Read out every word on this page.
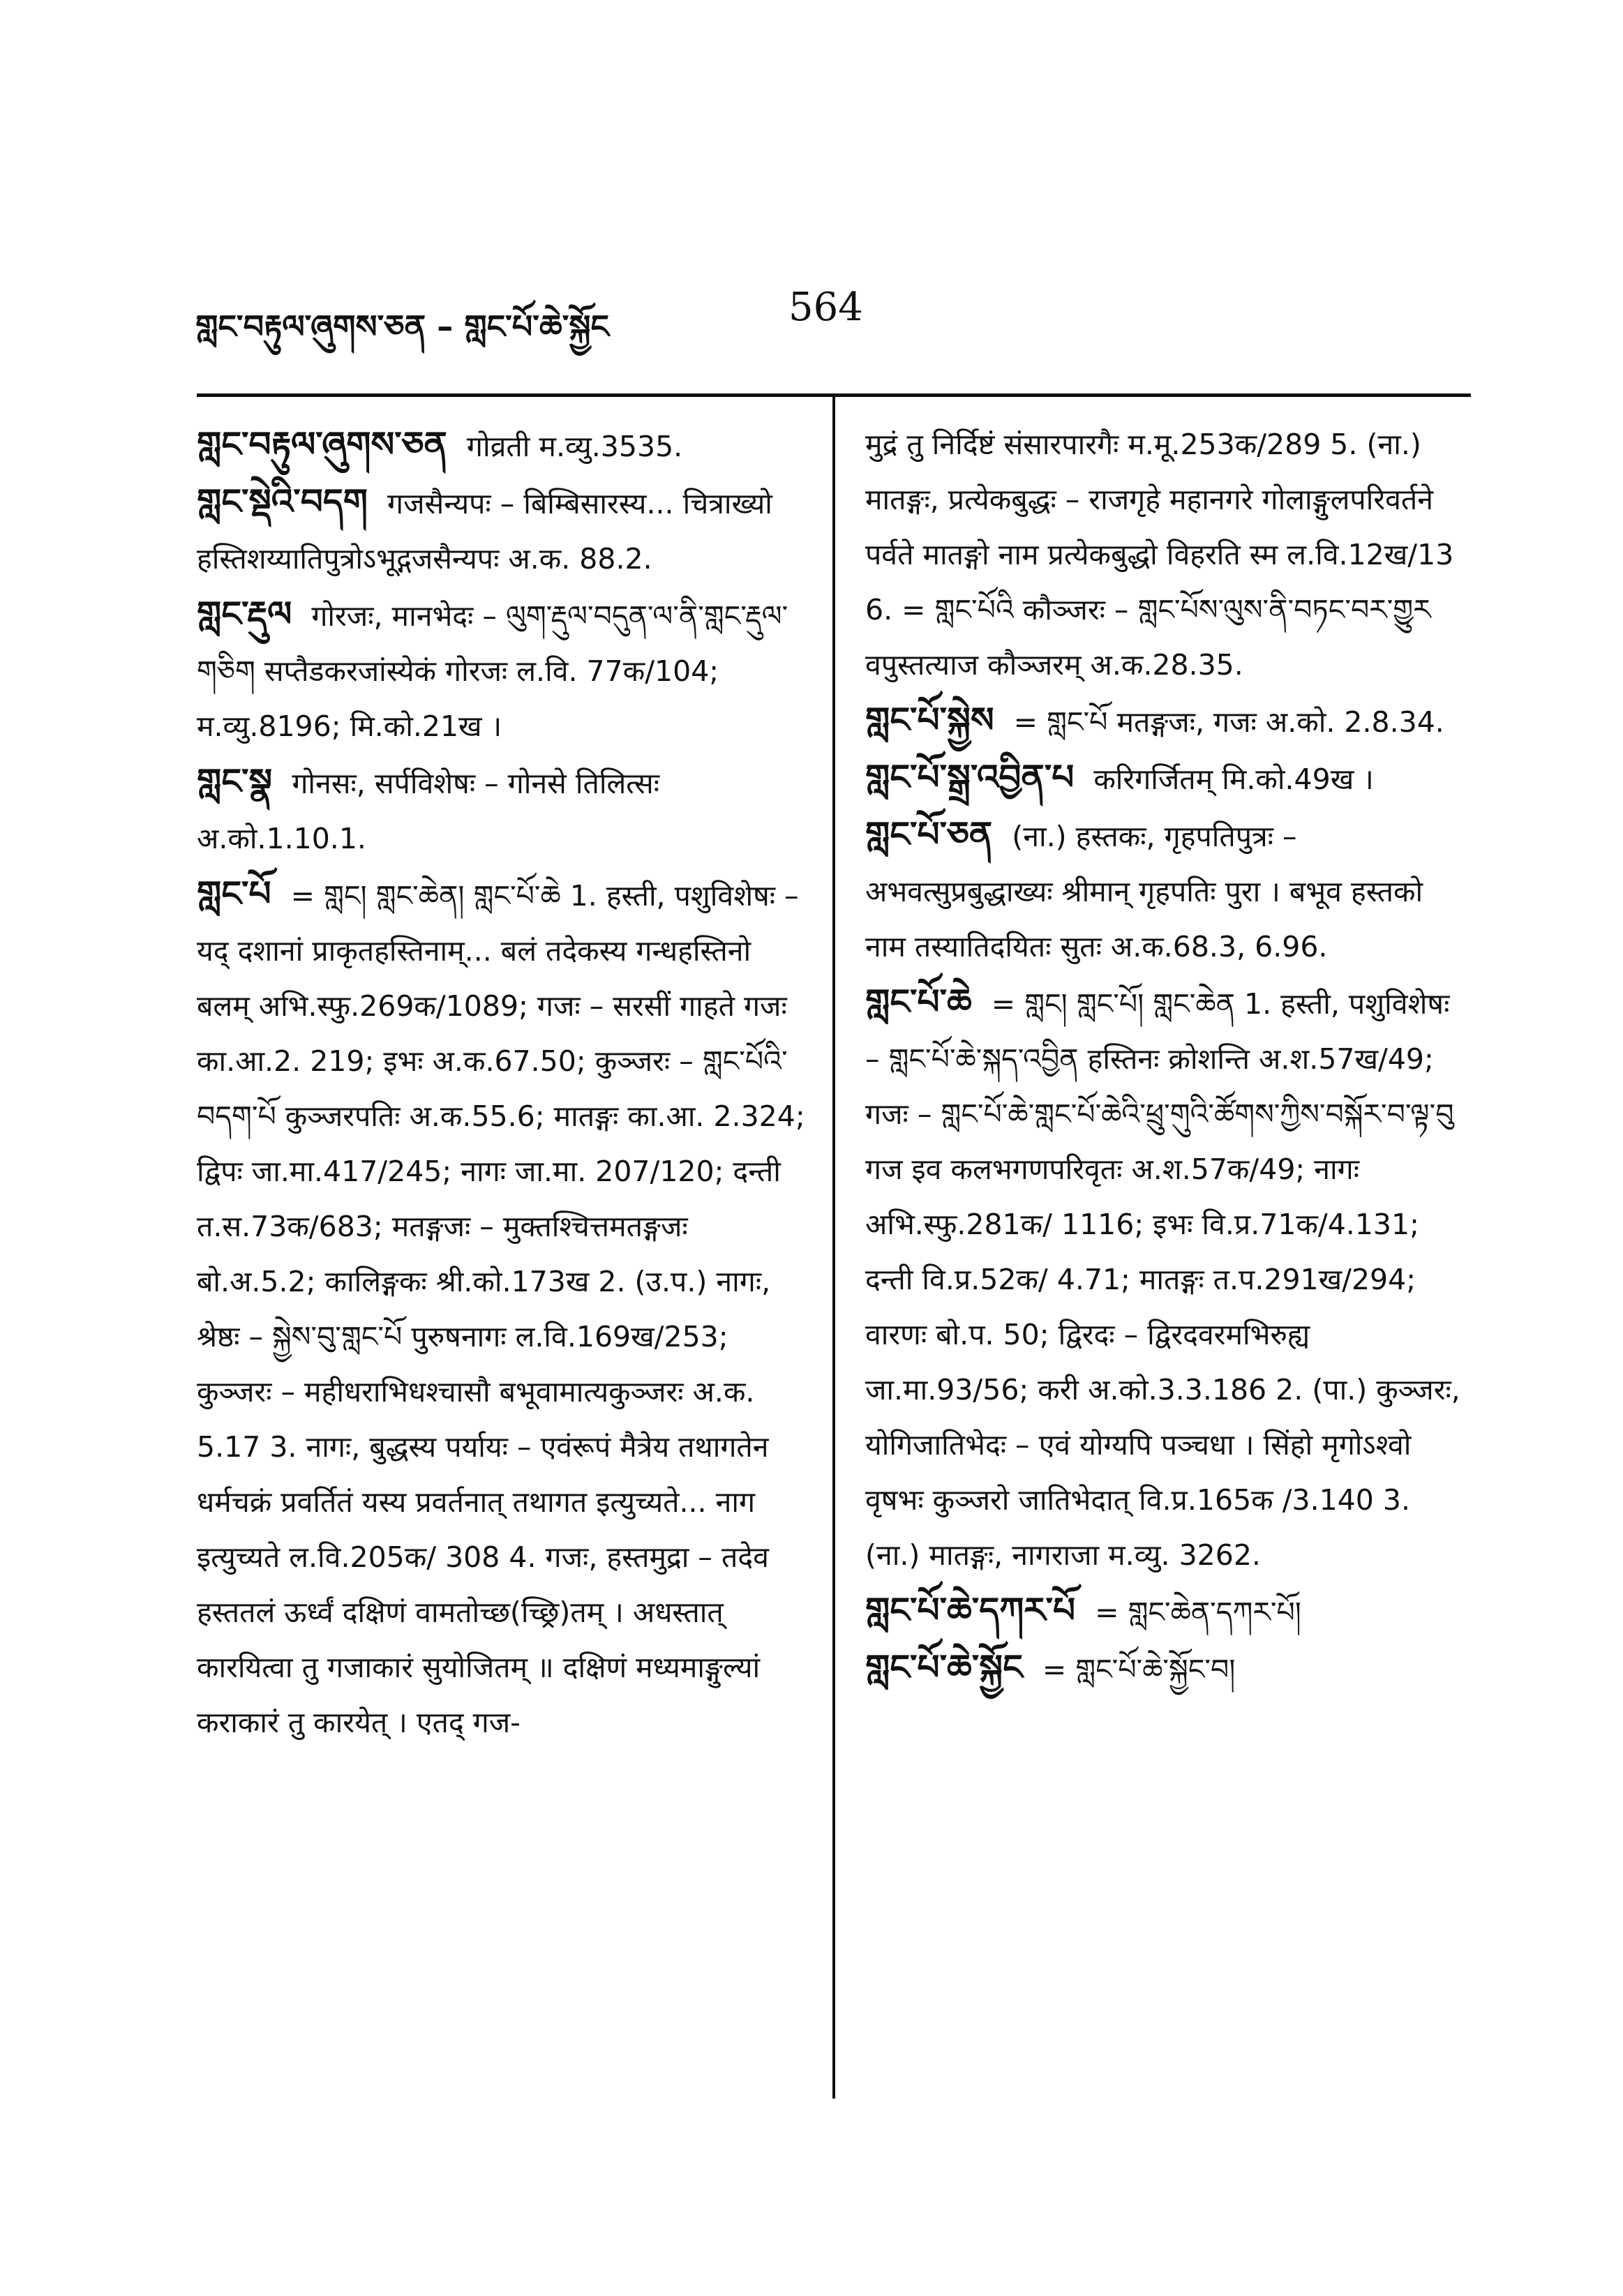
གླང་བརྟུལ་ཞུགས་ཅན – གླང་པོ་ཆེ་སྐྱོང	564

གླང་བརྟུལ་ཞུགས་ཅན गोव्रती म.व्यु.3535.

གླང་སྡེའི་བདག गजसैन्यपः – बिम्बिसारस्य... चित्राख्यो हस्तिशय्यातिपुत्रोऽभूद्गजसैन्यपः अ.क. 88.2.

གླང་རྡུལ गोरजः, मानभेदः – ལུག་རྡུལ་བདུན་ལ་ནི་གླང་རྡུལ་གཅིག सप्तैडकरजांस्येकं गोरजः ल.वि. 77क/104; म.व्यु.8196; मि.को.21ख ।

གླང་སྣ गोनसः, सर्पविशेषः – गोनसे तिलित्सः अ.को.1.10.1.

གླང་པོ = གླང། གླང་ཆེན། གླང་པོ་ཆེ 1. हस्ती, पशुविशेषः – यद् दशानां प्राकृतहस्तिनाम्... बलं तदेकस्य गन्धहस्तिनो बलम् अभि.स्फु.269क/1089; गजः – सरसीं गाहते गजः का.आ.2. 219; इभः अ.क.67.50; कुञ्जरः – གླང་པོའི་བདག་པོ कुञ्जरपतिः अ.क.55.6; मातङ्गः का.आ. 2.324; द्विपः जा.मा.417/245; नागः जा.मा. 207/120; दन्ती त.स.73क/683; मतङ्गजः – मुक्तश्चित्तमतङ्गजः बो.अ.5.2; कालिङ्गकः श्री.को.173ख 2. (उ.प.) नागः, श्रेष्ठः – སྐྱེས་བུ་གླང་པོ पुरुषनागः ल.वि.169ख/253; कुञ्जरः – महीधराभिधश्चासौ बभूवामात्यकुञ्जरः अ.क. 5.17 3. नागः, बुद्धस्य पर्यायः – एवंरूपं मैत्रेय तथागतेन धर्मचक्रं प्रवर्तितं यस्य प्रवर्तनात् तथागत इत्युच्यते... नाग इत्युच्यते ल.वि.205क/ 308 4. गजः, हस्तमुद्रा – तदेव हस्ततलं ऊर्ध्वं दक्षिणं वामतोच्छ(च्छ्रि)तम् । अधस्तात् कारयित्वा तु गजाकारं सुयोजितम् ॥ दक्षिणं मध्यमाङ्गुल्यां कराकारं तु कारयेत् । एतद् गज-

मुद्रं तु निर्दिष्टं संसारपारगैः म.मू.253क/289 5. (ना.) मातङ्गः, प्रत्येकबुद्धः – राजगृहे महानगरे गोलाङ्गुलपरिवर्तने पर्वते मातङ्गो नाम प्रत्येकबुद्धो विहरति स्म ल.वि.12ख/13 6. = གླང་པོའི कौञ्जरः – གླང་པོས་ལུས་ནི་བཏང་བར་གྱུར वपुस्तत्याज कौञ्जरम् अ.क.28.35.

གླང་པོ་སྐྱེས = གླང་པོ मतङ्गजः, गजः अ.को. 2.8.34.

གླང་པོ་སྒྲ་འབྱིན་པ करिगर्जितम् मि.को.49ख ।

གླང་པོ་ཅན (ना.) हस्तकः, गृहपतिपुत्रः – अभवत्सुप्रबुद्धाख्यः श्रीमान् गृहपतिः पुरा । बभूव हस्तको नाम तस्यातिदयितः सुतः अ.क.68.3, 6.96.

གླང་པོ་ཆེ = གླང། གླང་པོ། གླང་ཆེན 1. हस्ती, पशुविशेषः – གླང་པོ་ཆེ་སྐད་འབྱིན हस्तिनः क्रोशन्ति अ.श.57ख/49; गजः – གླང་པོ་ཆེ་གླང་པོ་ཆེའི་ཕྲུ་གུའི་ཚོགས་ཀྱིས་བསྐོར་བ་ལྟ་བུ गज इव कलभगणपरिवृतः अ.श.57क/49; नागः अभि.स्फु.281क/ 1116; इभः वि.प्र.71क/4.131; दन्ती वि.प्र.52क/ 4.71; मातङ्गः त.प.291ख/294; वारणः बो.प. 50; द्विरदः – द्विरदवरमभिरुह्य जा.मा.93/56; करी अ.को.3.3.186 2. (पा.) कुञ्जरः, योगिजातिभेदः – एवं योग्यपि पञ्चधा । सिंहो मृगोऽश्वो वृषभः कुञ्जरो जातिभेदात् वि.प्र.165क /3.140 3. (ना.) मातङ्गः, नागराजा म.व्यु. 3262.

གླང་པོ་ཆེ་དཀར་པོ = གླང་ཆེན་དཀར་པོ།

གླང་པོ་ཆེ་སྐྱོང = གླང་པོ་ཆེ་སྐྱོང་བ།
